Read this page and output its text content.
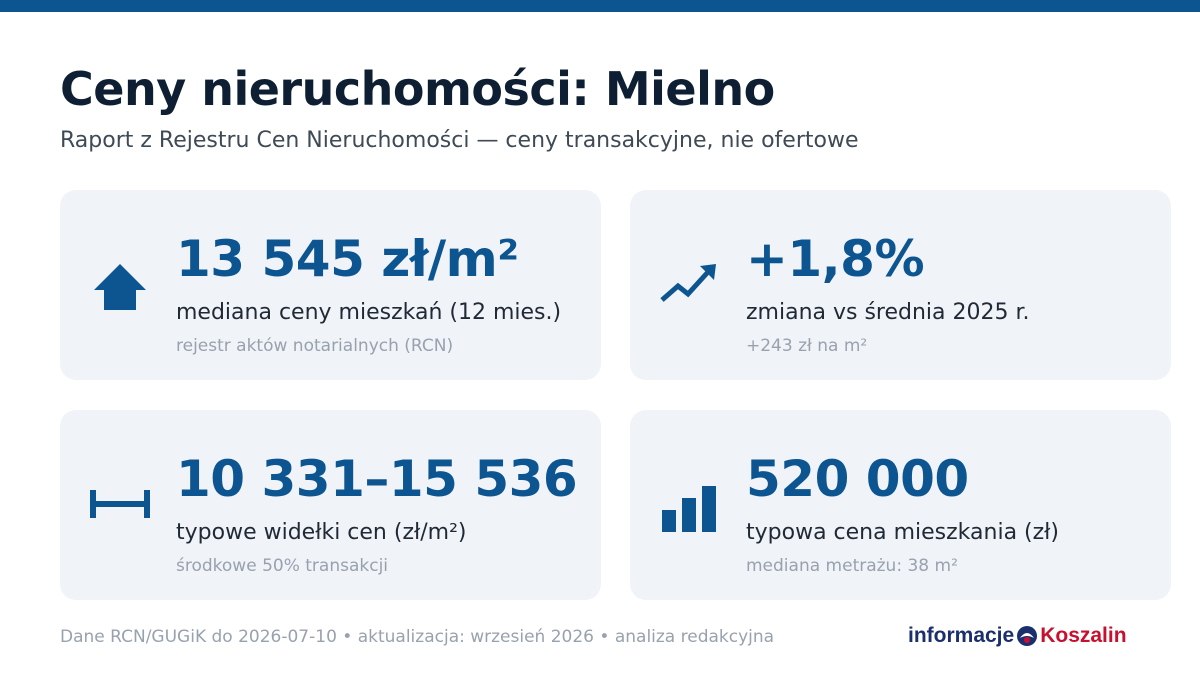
Ceny nieruchomości: Mielno
Raport z Rejestru Cen Nieruchomości — ceny transakcyjne, nie ofertowe
13 545 zł/m²
mediana ceny mieszkań (12 mies.)
rejestr aktów notarialnych (RCN)
+1,8%
zmiana vs średnia 2025 r.
+243 zł na m²
10 331–15 536
typowe widełki cen (zł/m²)
środkowe 50% transakcji
520 000
typowa cena mieszkania (zł)
mediana metrażu: 38 m²
Dane RCN/GUGiK do 2026-07-10 • aktualizacja: wrzesień 2026 • analiza redakcyjna	informacje Koszalin
